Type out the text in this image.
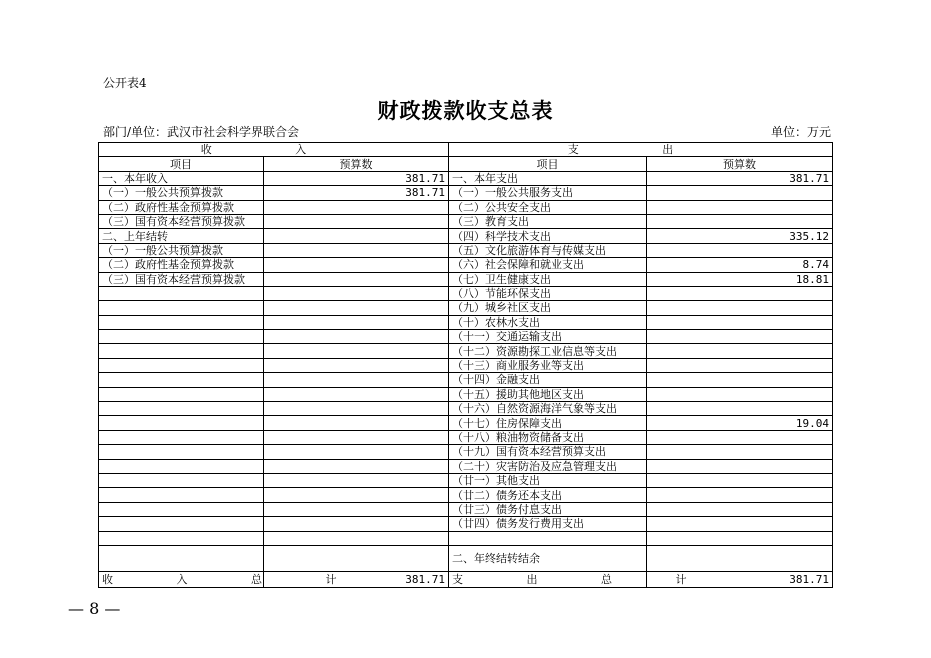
公开表4
财政拨款收支总表
部门/单位：武汉市社会科学界联合会	单位：万元
收 入		支 出	
项目	预算数	项目	预算数
一、本年收入	381.71	一、本年支出	381.71
（一）一般公共预算拨款	381.71	（一）一般公共服务支出	
（二）政府性基金预算拨款		（二）公共安全支出	
（三）国有资本经营预算拨款		（三）教育支出	
二、上年结转		（四）科学技术支出	335.12
（一）一般公共预算拨款		（五）文化旅游体育与传媒支出	
（二）政府性基金预算拨款		（六）社会保障和就业支出	8.74
（三）国有资本经营预算拨款		（七）卫生健康支出	18.81
		（八）节能环保支出	
		（九）城乡社区支出	
		（十）农林水支出	
		（十一）交通运输支出	
		（十二）资源勘探工业信息等支出	
		（十三）商业服务业等支出	
		（十四）金融支出	
		（十五）援助其他地区支出	
		（十六）自然资源海洋气象等支出	
		（十七）住房保障支出	19.04
		（十八）粮油物资储备支出	
		（十九）国有资本经营预算支出	
		（二十）灾害防治及应急管理支出	
		（廿一）其他支出	
		（廿二）债务还本支出	
		（廿三）债务付息支出	
		（廿四）债务发行费用支出	

		二、年终结转结余	
收 入 总 计	381.71	支 出 总 计	381.71
— 8 —
